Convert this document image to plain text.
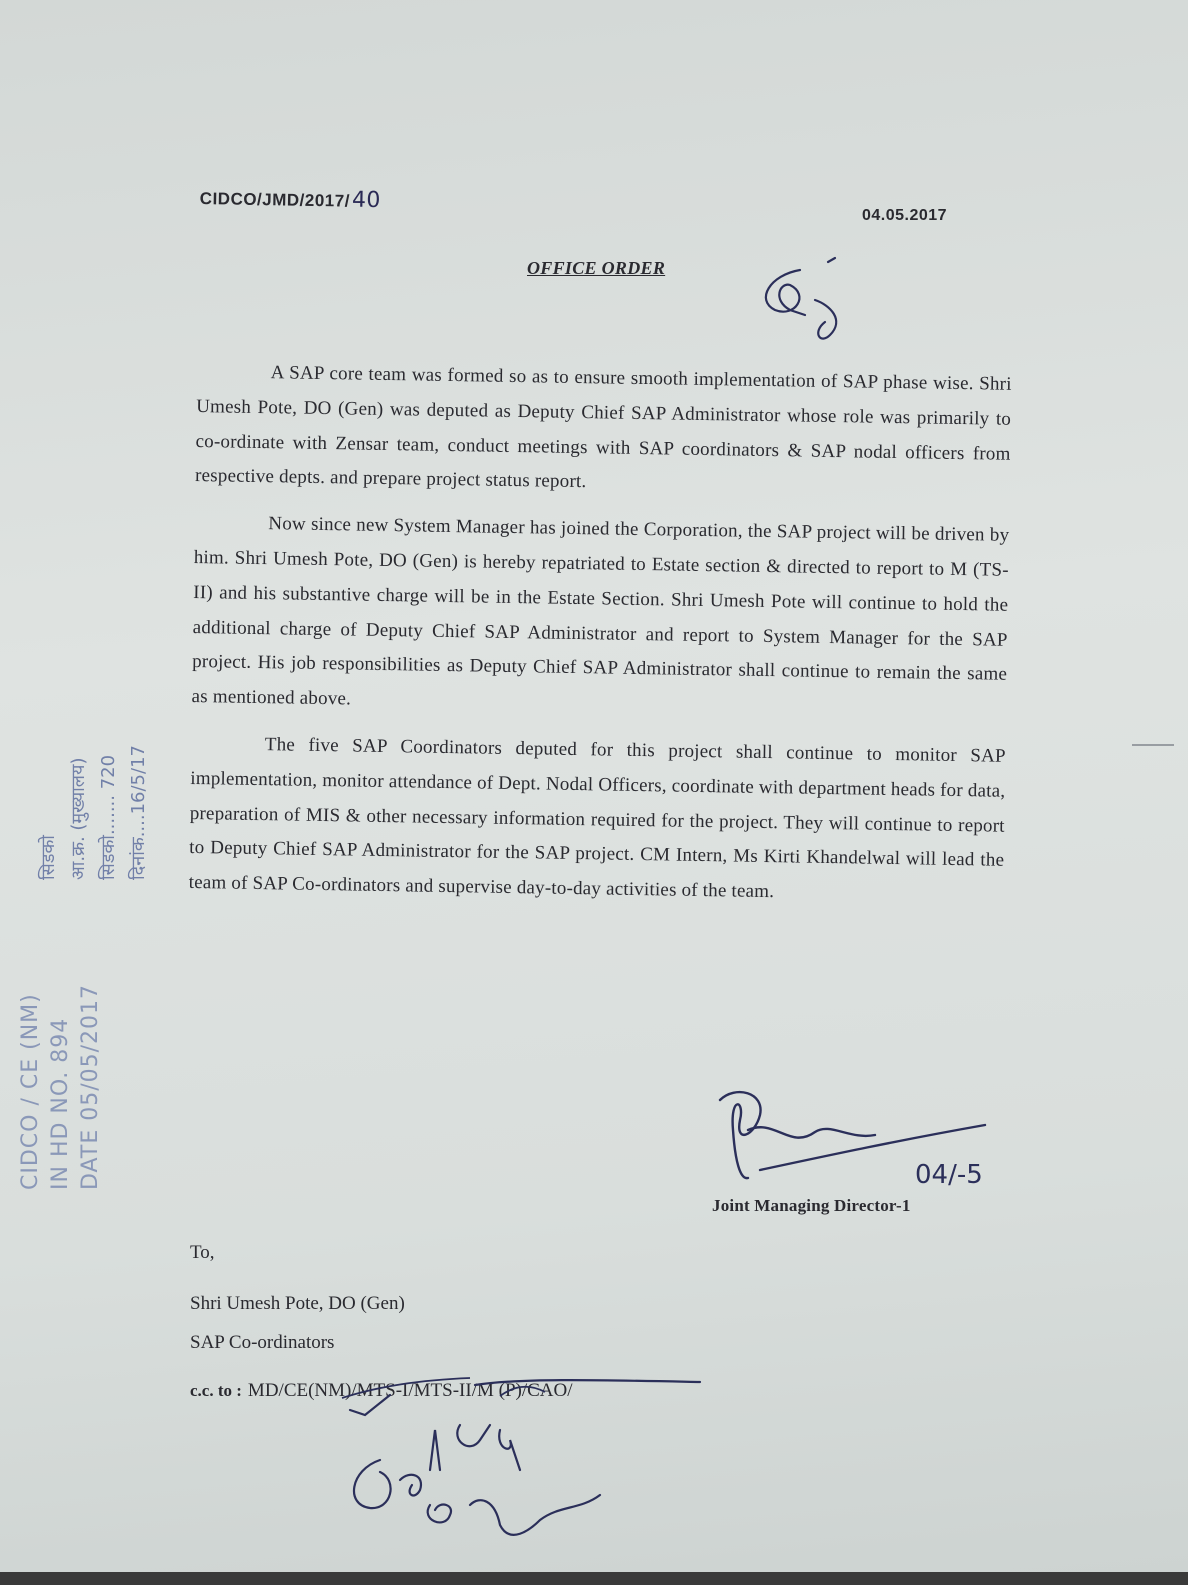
CIDCO/JMD/2017/40
04.05.2017
OFFICE ORDER

A SAP core team was formed so as to ensure smooth implementation of SAP phase wise. Shri Umesh Pote, DO (Gen) was deputed as Deputy Chief SAP Administrator whose role was primarily to co-ordinate with Zensar team, conduct meetings with SAP coordinators & SAP nodal officers from respective depts. and prepare project status report.

Now since new System Manager has joined the Corporation, the SAP project will be driven by him. Shri Umesh Pote, DO (Gen) is hereby repatriated to Estate section & directed to report to M (TS-II) and his substantive charge will be in the Estate Section. Shri Umesh Pote will continue to hold the additional charge of Deputy Chief SAP Administrator and report to System Manager for the SAP project. His job responsibilities as Deputy Chief SAP Administrator shall continue to remain the same as mentioned above.

The five SAP Coordinators deputed for this project shall continue to monitor SAP implementation, monitor attendance of Dept. Nodal Officers, coordinate with department heads for data, preparation of MIS & other necessary information required for the project. They will continue to report to Deputy Chief SAP Administrator for the SAP project. CM Intern, Ms Kirti Khandelwal will lead the team of SAP Co-ordinators and supervise day-to-day activities of the team.

Joint Managing Director-1
To,
Shri Umesh Pote, DO (Gen)
SAP Co-ordinators
c.c. to : MD/CE(NM)/MTS-I/MTS-II/M (P)/CAO/
CIDCO / CE (NM) IN HD NO. 894 DATE 05/05/2017
सिडको आ.क्र. (मुख्यालय) सिडको....... 720 दिनांक....16/5/17
04/-5
